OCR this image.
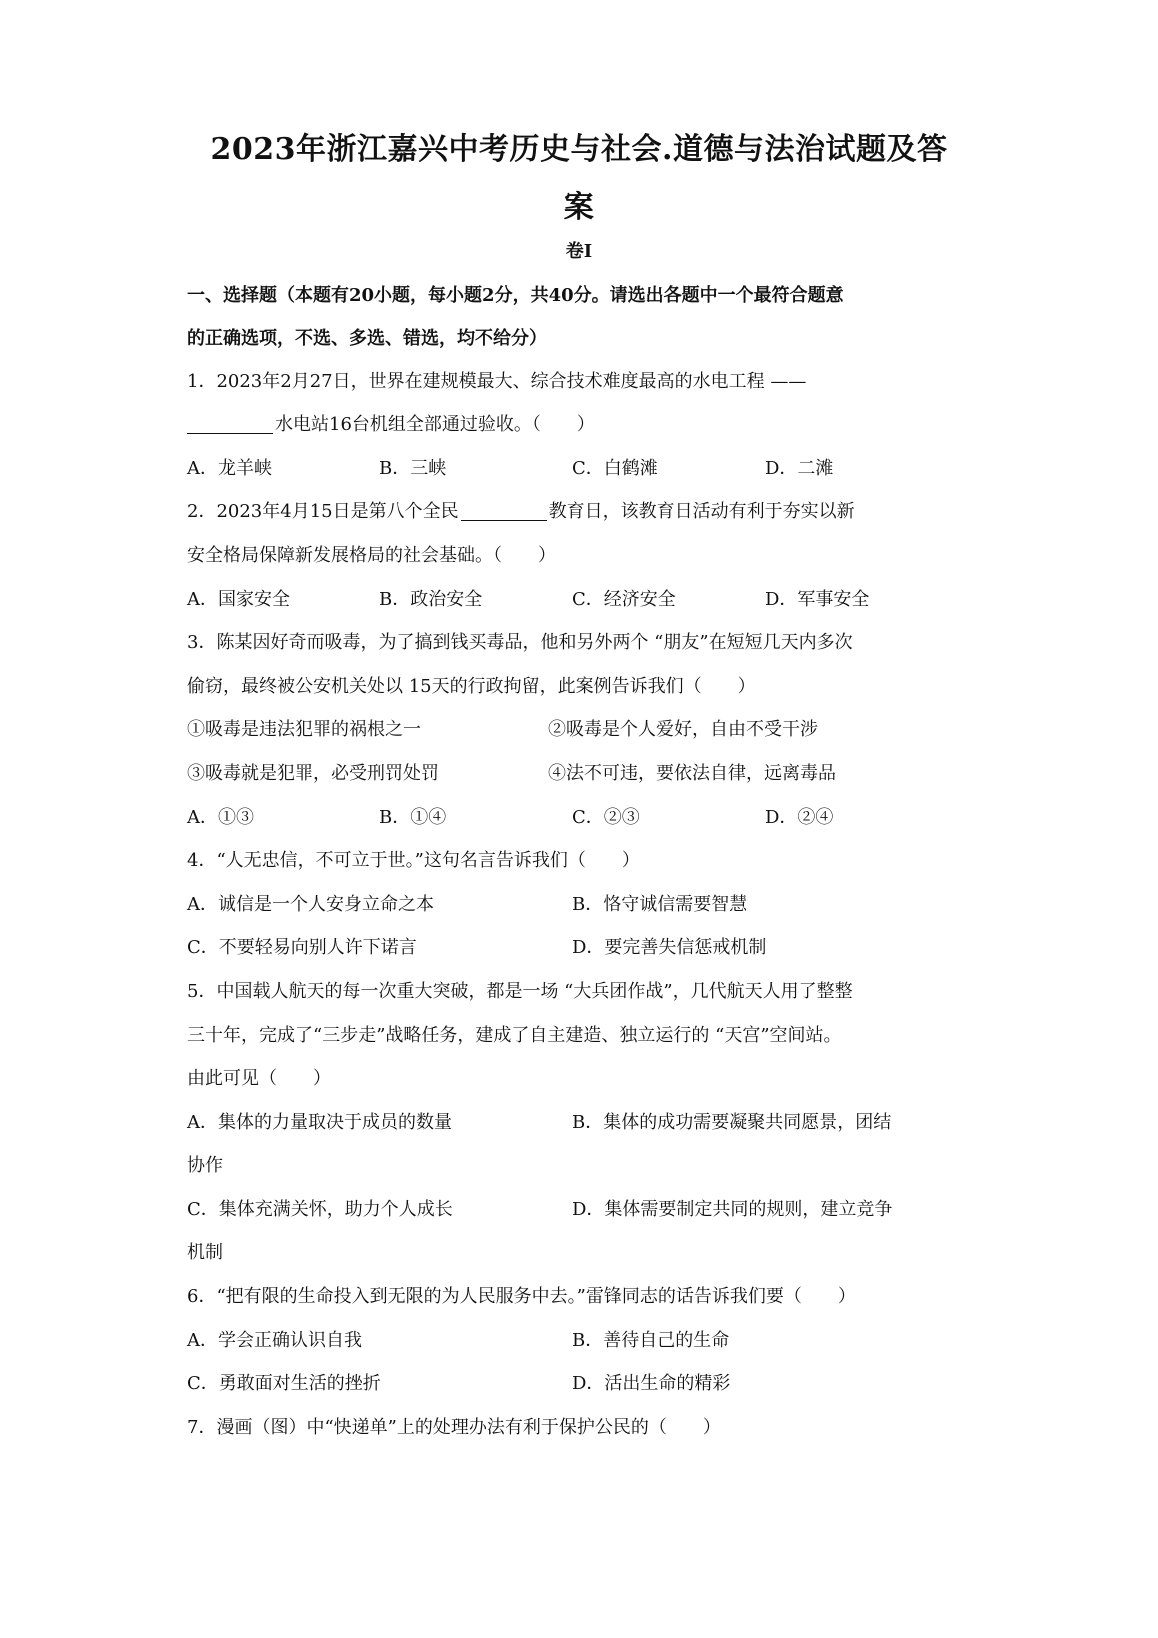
2023年浙江嘉兴中考历史与社会.道德与法治试题及答
案
卷Ⅰ
一、选择题（本题有20小题，每小题2分，共40分。请选出各题中一个最符合题意
的正确选项，不选、多选、错选，均不给分）
1．2023年2月27日，世界在建规模最大、综合技术难度最高的水电工程 ——
水电站16台机组全部通过验收。（　　）
A．龙羊峡	B．三峡	C．白鹤滩	D．二滩
2．2023年4月15日是第八个全民	教育日，该教育日活动有利于夯实以新
安全格局保障新发展格局的社会基础。（　　）
A．国家安全	B．政治安全	C．经济安全	D．军事安全
3．陈某因好奇而吸毒，为了搞到钱买毒品，他和另外两个 “朋友”在短短几天内多次
偷窃，最终被公安机关处以 15天的行政拘留，此案例告诉我们（　　）
①吸毒是违法犯罪的祸根之一	②吸毒是个人爱好，自由不受干涉
③吸毒就是犯罪，必受刑罚处罚	④法不可违，要依法自律，远离毒品
A．①③	B．①④	C．②③	D．②④
4．“人无忠信，不可立于世。”这句名言告诉我们（　　）
A．诚信是一个人安身立命之本	B．恪守诚信需要智慧
C．不要轻易向别人许下诺言	D．要完善失信惩戒机制
5．中国载人航天的每一次重大突破，都是一场 “大兵团作战”，几代航天人用了整整
三十年，完成了“三步走”战略任务，建成了自主建造、独立运行的 “天宫”空间站。
由此可见（　　）
A．集体的力量取决于成员的数量	B．集体的成功需要凝聚共同愿景，团结
协作
C．集体充满关怀，助力个人成长	D．集体需要制定共同的规则，建立竞争
机制
6．“把有限的生命投入到无限的为人民服务中去。”雷锋同志的话告诉我们要（　　）
A．学会正确认识自我	B．善待自己的生命
C．勇敢面对生活的挫折	D．活出生命的精彩
7．漫画（图）中“快递单”上的处理办法有利于保护公民的（　　）
